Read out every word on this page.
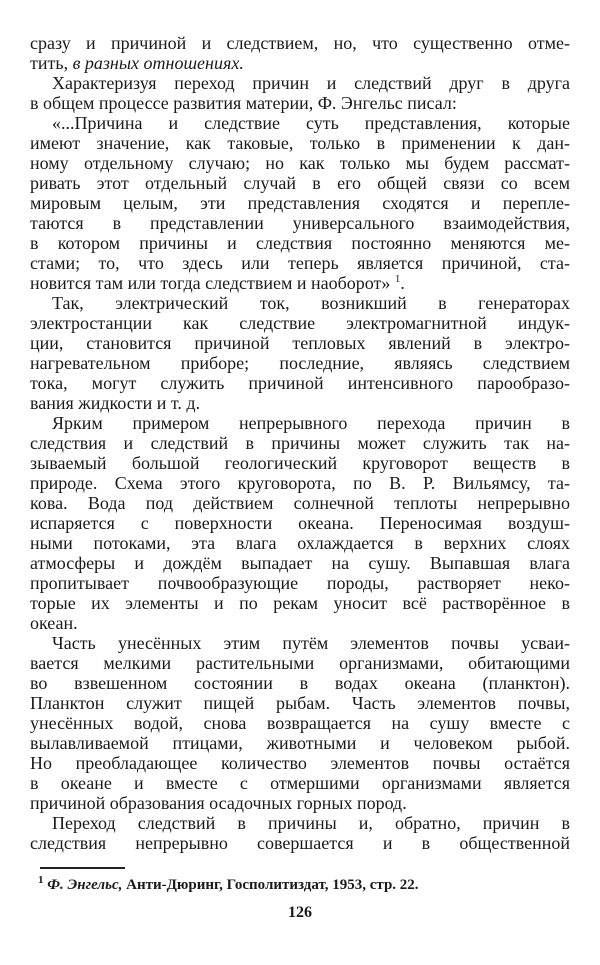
сразу и причиной и следствием, но, что существенно отме-
тить, в разных отношениях.
Характеризуя переход причин и следствий друг в друга
в общем процессе развития материи, Ф. Энгельс писал:
«...Причина и следствие суть представления, которые
имеют значение, как таковые, только в применении к дан-
ному отдельному случаю; но как только мы будем рассмат-
ривать этот отдельный случай в его общей связи со всем
мировым целым, эти представления сходятся и перепле-
таются в представлении универсального взаимодействия,
в котором причины и следствия постоянно меняются ме-
стами; то, что здесь или теперь является причиной, ста-
новится там или тогда следствием и наоборот» $^1$.
Так, электрический ток, возникший в генераторах
электростанции как следствие электромагнитной индук-
ции, становится причиной тепловых явлений в электро-
нагревательном приборе; последние, являясь следствием
тока, могут служить причиной интенсивного парообразо-
вания жидкости и т. д.
Ярким примером непрерывного перехода причин в
следствия и следствий в причины может служить так на-
зываемый большой геологический круговорот веществ в
природе. Схема этого круговорота, по В. Р. Вильямсу, та-
кова. Вода под действием солнечной теплоты непрерывно
испаряется с поверхности океана. Переносимая воздуш-
ными потоками, эта влага охлаждается в верхних слоях
атмосферы и дождём выпадает на сушу. Выпавшая влага
пропитывает почвообразующие породы, растворяет неко-
торые их элементы и по рекам уносит всё растворённое в
океан.
Часть унесённых этим путём элементов почвы усваи-
вается мелкими растительными организмами, обитающими
во взвешенном состоянии в водах океана (планктон).
Планктон служит пищей рыбам. Часть элементов почвы,
унесённых водой, снова возвращается на сушу вместе с
вылавливаемой птицами, животными и человеком рыбой.
Но преобладающее количество элементов почвы остаётся
в океане и вместе с отмершими организмами является
причиной образования осадочных горных пород.
Переход следствий в причины и, обратно, причин в
следствия непрерывно совершается и в общественной
$^1$ Ф. Энгельс, Анти-Дюринг, Госполитиздат, 1953, стр. 22.
126
